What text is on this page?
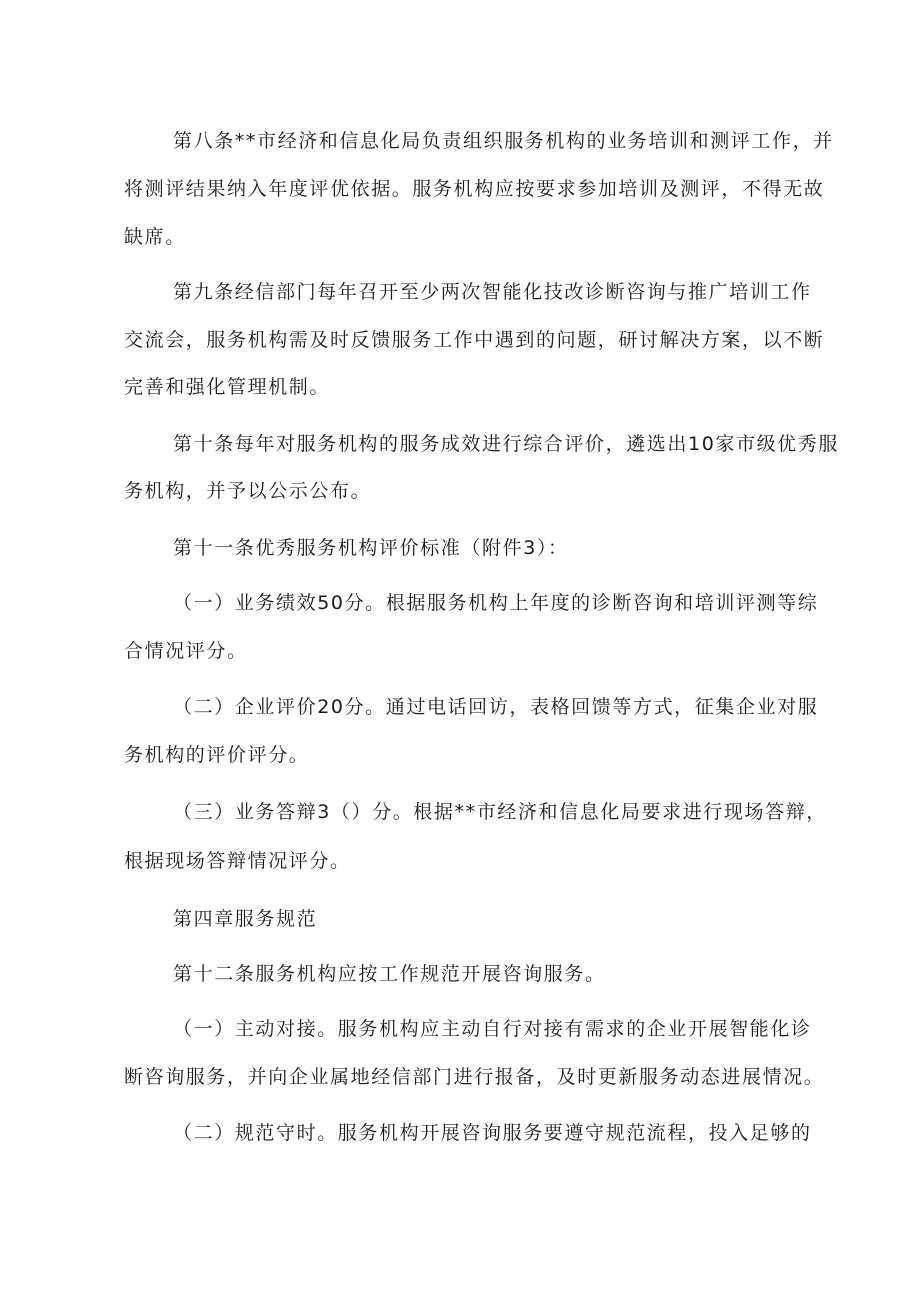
第八条**市经济和信息化局负责组织服务机构的业务培训和测评工作，并
将测评结果纳入年度评优依据。服务机构应按要求参加培训及测评，不得无故
缺席。
第九条经信部门每年召开至少两次智能化技改诊断咨询与推广培训工作
交流会，服务机构需及时反馈服务工作中遇到的问题，研讨解决方案，以不断
完善和强化管理机制。
第十条每年对服务机构的服务成效进行综合评价，遴选出10家市级优秀服
务机构，并予以公示公布。
第十一条优秀服务机构评价标准（附件3）：
（一）业务绩效50分。根据服务机构上年度的诊断咨询和培训评测等综
合情况评分。
（二）企业评价20分。通过电话回访，表格回馈等方式，征集企业对服
务机构的评价评分。
（三）业务答辩3（）分。根据**市经济和信息化局要求进行现场答辩，
根据现场答辩情况评分。
第四章服务规范
第十二条服务机构应按工作规范开展咨询服务。
（一）主动对接。服务机构应主动自行对接有需求的企业开展智能化诊
断咨询服务，并向企业属地经信部门进行报备，及时更新服务动态进展情况。
（二）规范守时。服务机构开展咨询服务要遵守规范流程，投入足够的
